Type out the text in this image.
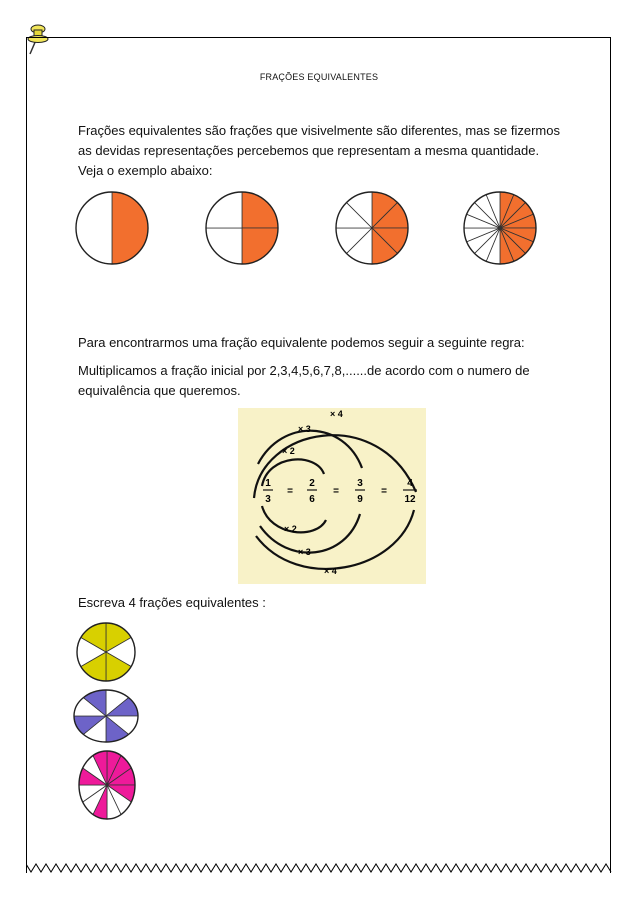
FRAÇÕES EQUIVALENTES
Frações equivalentes são frações que visivelmente são diferentes, mas se fizermos
as devidas representações percebemos que representam a mesma quantidade.
Veja o exemplo abaixo:
Para encontrarmos uma fração equivalente podemos seguir a seguinte regra:
Multiplicamos a fração inicial por 2,3,4,5,6,7,8,......de acordo com o numero de
equivalência que queremos.
× 4
× 3
× 2
× 2
× 3
× 4
1
3
=
2
6
=
3
9
=
4
12
Escreva 4 frações equivalentes :
